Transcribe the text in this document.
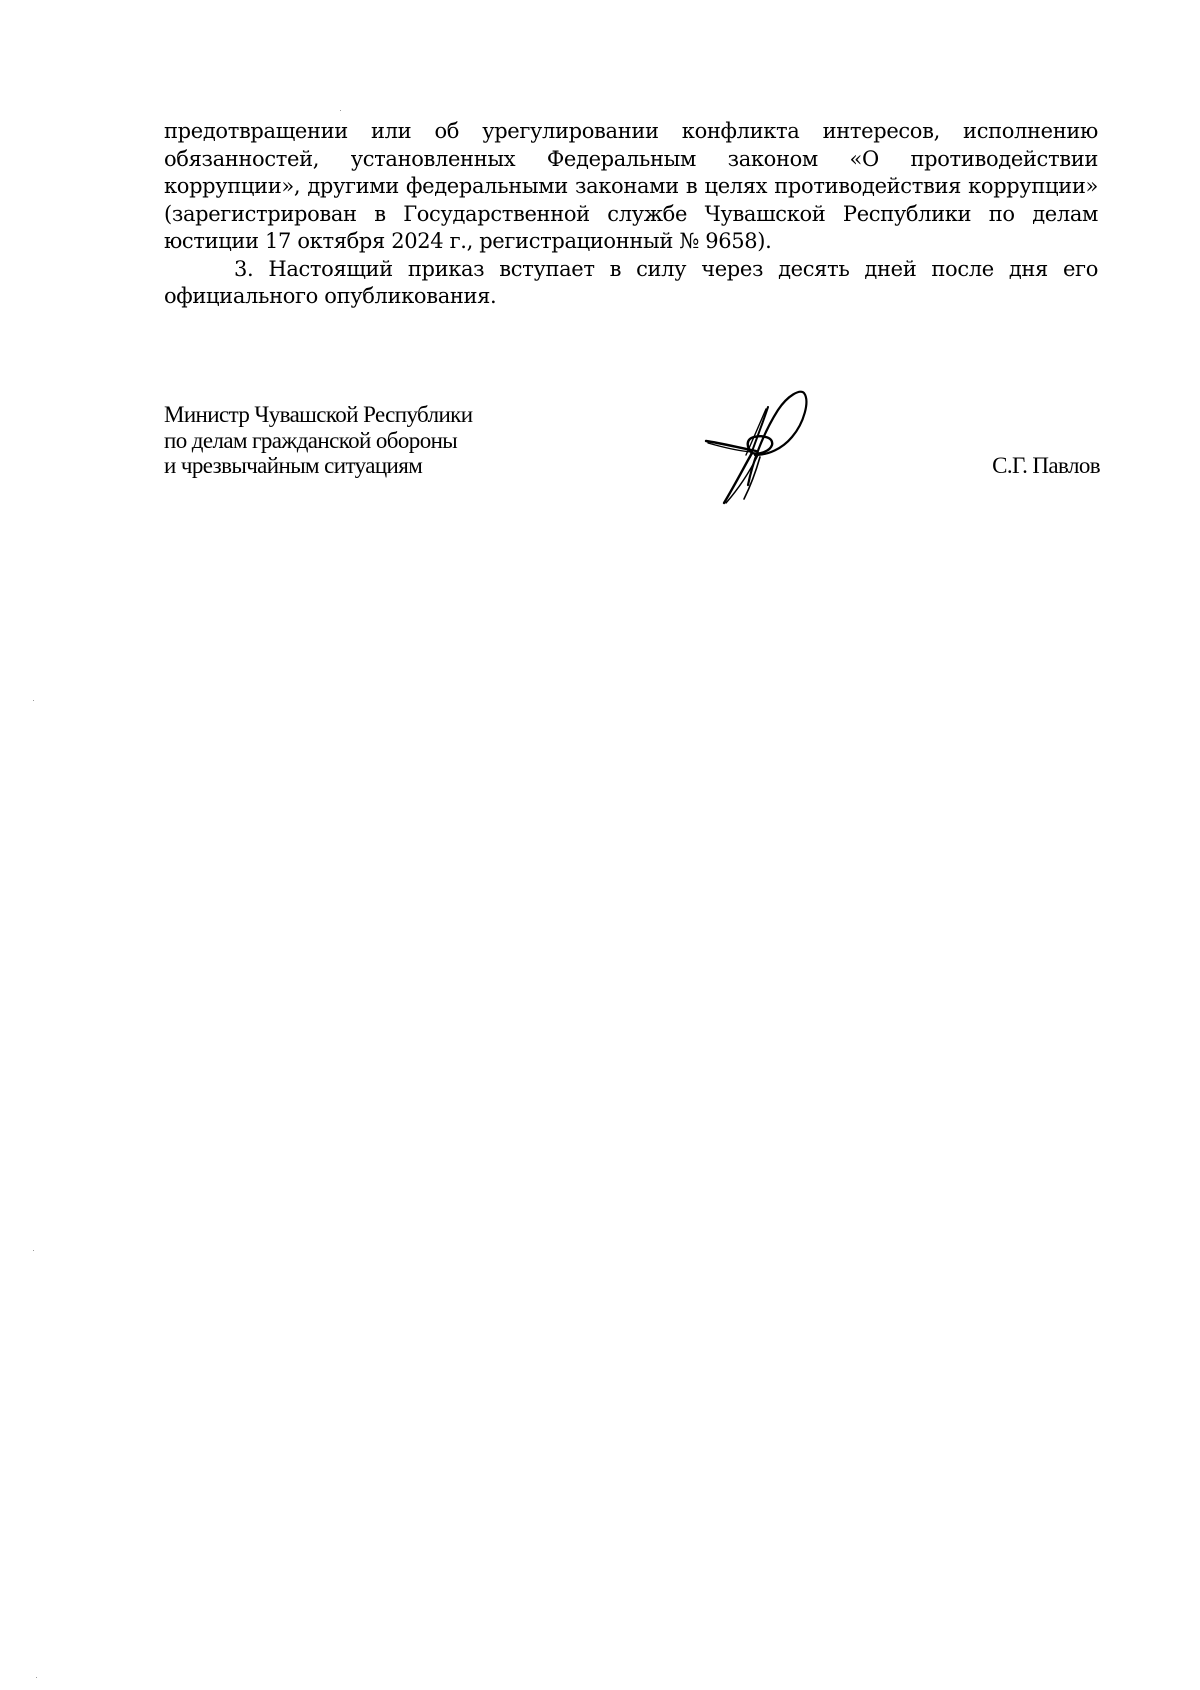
предотвращении или об урегулировании конфликта интересов, исполнению обязанностей, установленных Федеральным законом «О противодействии коррупции», другими федеральными законами в целях противодействия коррупции» (зарегистрирован в Государственной службе Чувашской Республики по делам юстиции 17 октября 2024 г., регистрационный № 9658).

3. Настоящий приказ вступает в силу через десять дней после дня его официального опубликования.

Министр Чувашской Республики
по делам гражданской обороны
и чрезвычайным ситуациям	С.Г. Павлов
